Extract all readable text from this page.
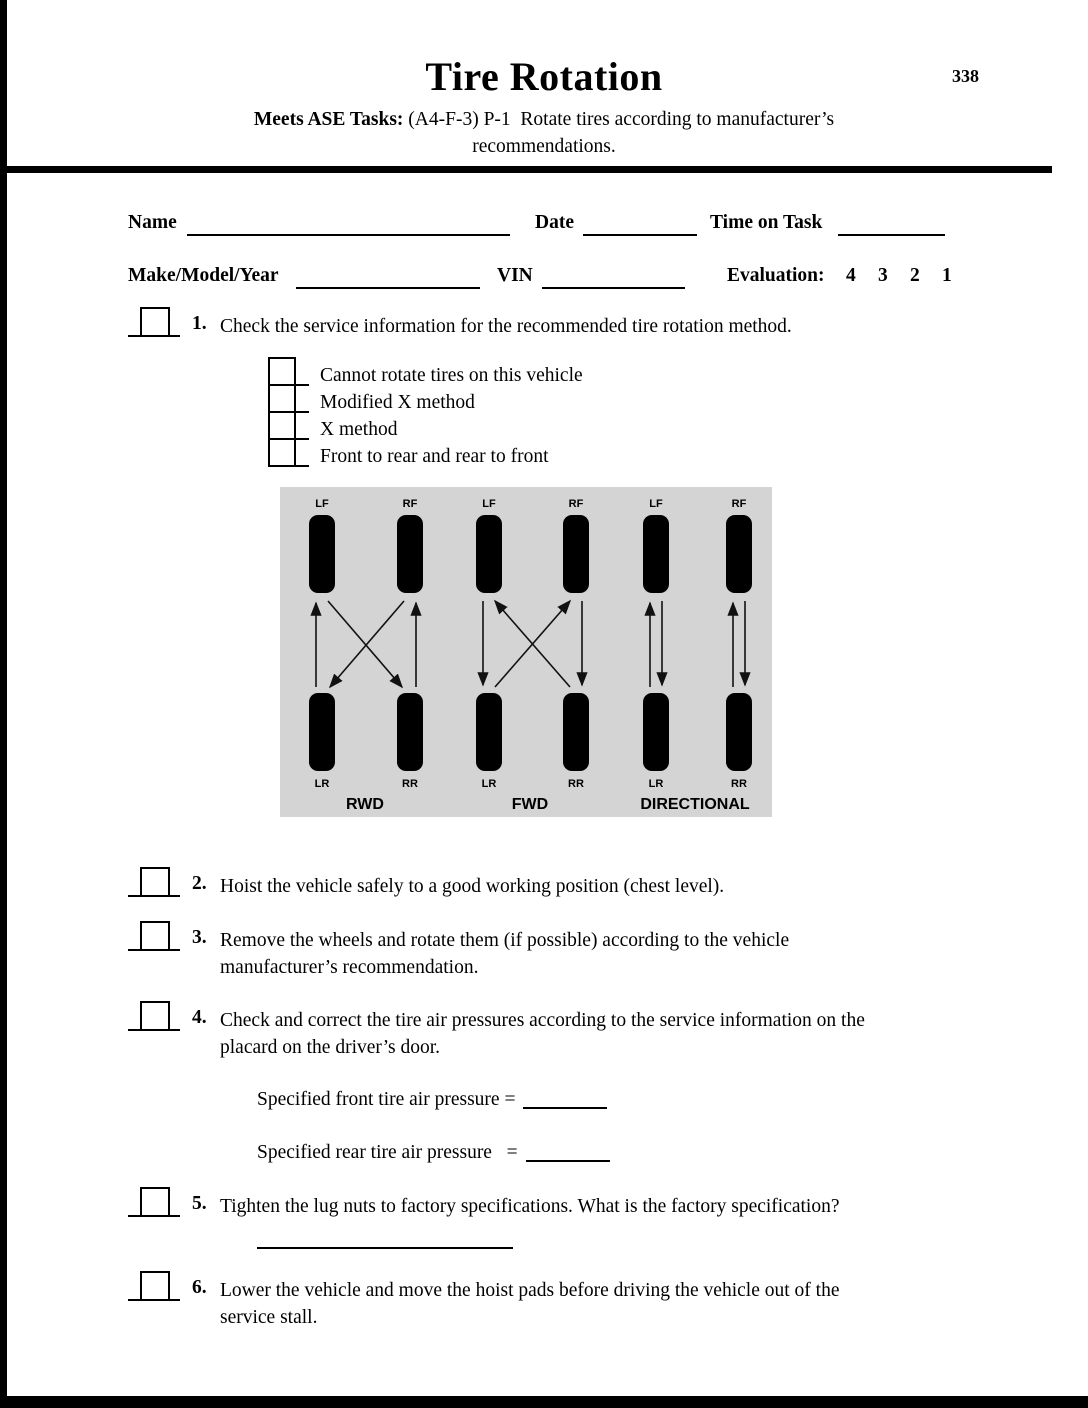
Tire Rotation	338
Meets ASE Tasks: (A4-F-3) P-1  Rotate tires according to manufacturer’s
recommendations.
Name	Date	Time on Task
Make/Model/Year	VIN	Evaluation: 4 3 2 1
1. Check the service information for the recommended tire rotation method.
Cannot rotate tires on this vehicle
Modified X method
X method
Front to rear and rear to front
LF	RF
LR	RR
RWD
LF	RF
LR	RR
FWD
LF	RF
LR	RR
DIRECTIONAL
2. Hoist the vehicle safely to a good working position (chest level).
3. Remove the wheels and rotate them (if possible) according to the vehicle
manufacturer’s recommendation.
4. Check and correct the tire air pressures according to the service information on the
placard on the driver’s door.
Specified front tire air pressure =
Specified rear tire air pressure   =
5. Tighten the lug nuts to factory specifications. What is the factory specification?
6. Lower the vehicle and move the hoist pads before driving the vehicle out of the
service stall.
